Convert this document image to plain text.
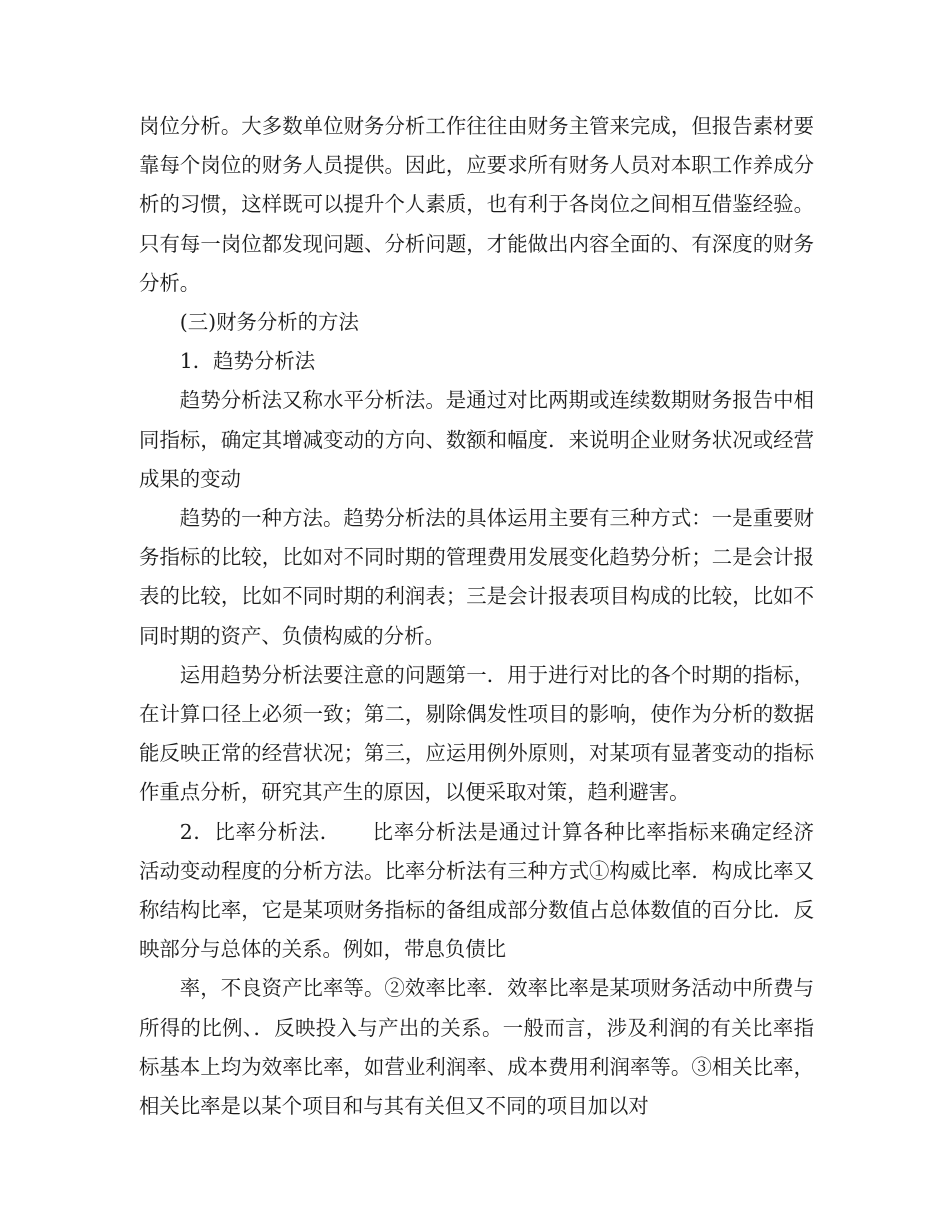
岗位分析。大多数单位财务分析工作往往由财务主管来完成，但报告素材要靠每个岗位的财务人员提供。因此，应要求所有财务人员对本职工作养成分析的习惯，这样既可以提升个人素质，也有利于各岗位之间相互借鉴经验。只有每一岗位都发现问题、分析问题，才能做出内容全面的、有深度的财务分析。

(三)财务分析的方法

1．趋势分析法

趋势分析法又称水平分析法。是通过对比两期或连续数期财务报告中相同指标，确定其增减变动的方向、数额和幅度．来说明企业财务状况或经营成果的变动

趋势的一种方法。趋势分析法的具体运用主要有三种方式：一是重要财务指标的比较，比如对不同时期的管理费用发展变化趋势分析；二是会计报表的比较，比如不同时期的利润表；三是会计报表项目构成的比较，比如不同时期的资产、负债构威的分析。

运用趋势分析法要注意的问题第一．用于进行对比的各个时期的指标，在计算口径上必须一致；第二，剔除偶发性项目的影响，使作为分析的数据能反映正常的经营状况；第三，应运用例外原则，对某项有显著变动的指标作重点分析，研究其产生的原因，以便采取对策，趋利避害。

2．比率分析法．　　比率分析法是通过计算各种比率指标来确定经济活动变动程度的分析方法。比率分析法有三种方式①构威比率．构成比率又称结构比率，它是某项财务指标的备组成部分数值占总体数值的百分比．反映部分与总体的关系。例如，带息负债比

率，不良资产比率等。②效率比率．效率比率是某项财务活动中所费与所得的比例、．反映投入与产出的关系。一般而言，涉及利润的有关比率指标基本上均为效率比率，如营业利润率、成本费用利润率等。③相关比率，相关比率是以某个项目和与其有关但又不同的项目加以对
